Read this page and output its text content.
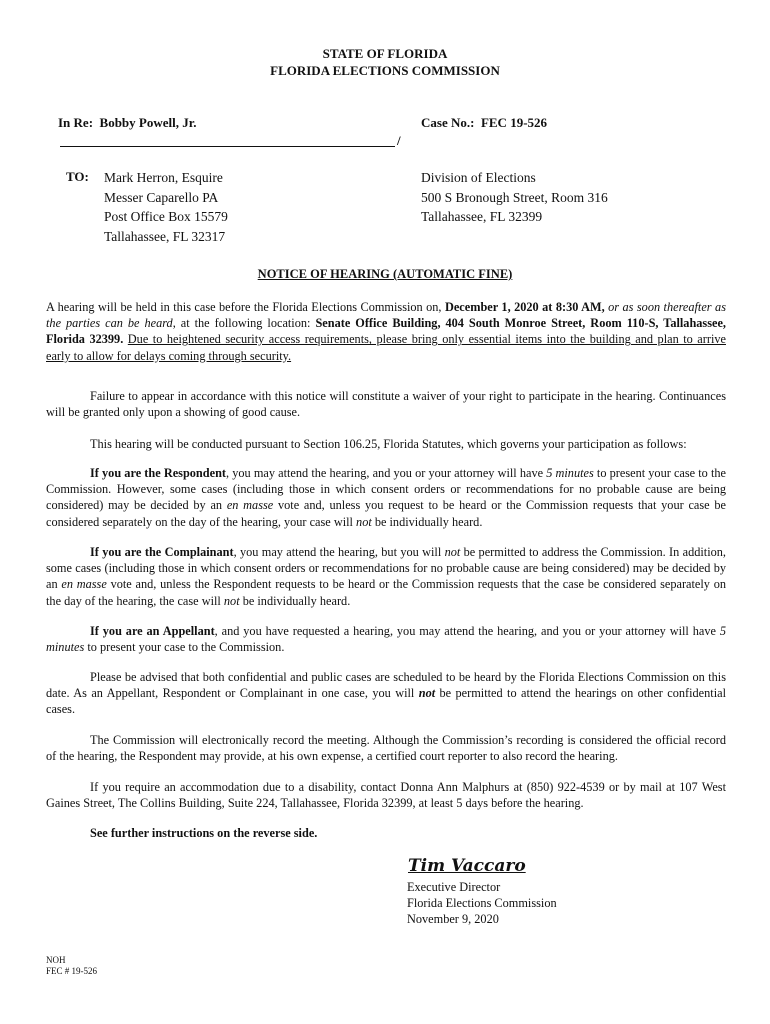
STATE OF FLORIDA
FLORIDA ELECTIONS COMMISSION
In Re: Bobby Powell, Jr.	Case No.: FEC 19-526
/
TO: Mark Herron, Esquire
Messer Caparello PA
Post Office Box 15579
Tallahassee, FL 32317
Division of Elections
500 S Bronough Street, Room 316
Tallahassee, FL 32399
NOTICE OF HEARING (AUTOMATIC FINE)
A hearing will be held in this case before the Florida Elections Commission on, December 1, 2020 at 8:30 AM, or as soon thereafter as the parties can be heard, at the following location: Senate Office Building, 404 South Monroe Street, Room 110-S, Tallahassee, Florida 32399. Due to heightened security access requirements, please bring only essential items into the building and plan to arrive early to allow for delays coming through security.
Failure to appear in accordance with this notice will constitute a waiver of your right to participate in the hearing. Continuances will be granted only upon a showing of good cause.
This hearing will be conducted pursuant to Section 106.25, Florida Statutes, which governs your participation as follows:
If you are the Respondent, you may attend the hearing, and you or your attorney will have 5 minutes to present your case to the Commission. However, some cases (including those in which consent orders or recommendations for no probable cause are being considered) may be decided by an en masse vote and, unless you request to be heard or the Commission requests that your case be considered separately on the day of the hearing, your case will not be individually heard.
If you are the Complainant, you may attend the hearing, but you will not be permitted to address the Commission. In addition, some cases (including those in which consent orders or recommendations for no probable cause are being considered) may be decided by an en masse vote and, unless the Respondent requests to be heard or the Commission requests that the case be considered separately on the day of the hearing, the case will not be individually heard.
If you are an Appellant, and you have requested a hearing, you may attend the hearing, and you or your attorney will have 5 minutes to present your case to the Commission.
Please be advised that both confidential and public cases are scheduled to be heard by the Florida Elections Commission on this date. As an Appellant, Respondent or Complainant in one case, you will not be permitted to attend the hearings on other confidential cases.
The Commission will electronically record the meeting. Although the Commission’s recording is considered the official record of the hearing, the Respondent may provide, at his own expense, a certified court reporter to also record the hearing.
If you require an accommodation due to a disability, contact Donna Ann Malphurs at (850) 922-4539 or by mail at 107 West Gaines Street, The Collins Building, Suite 224, Tallahassee, Florida 32399, at least 5 days before the hearing.
See further instructions on the reverse side.
Tim Vaccaro
Executive Director
Florida Elections Commission
November 9, 2020
NOH
FEC # 19-526
